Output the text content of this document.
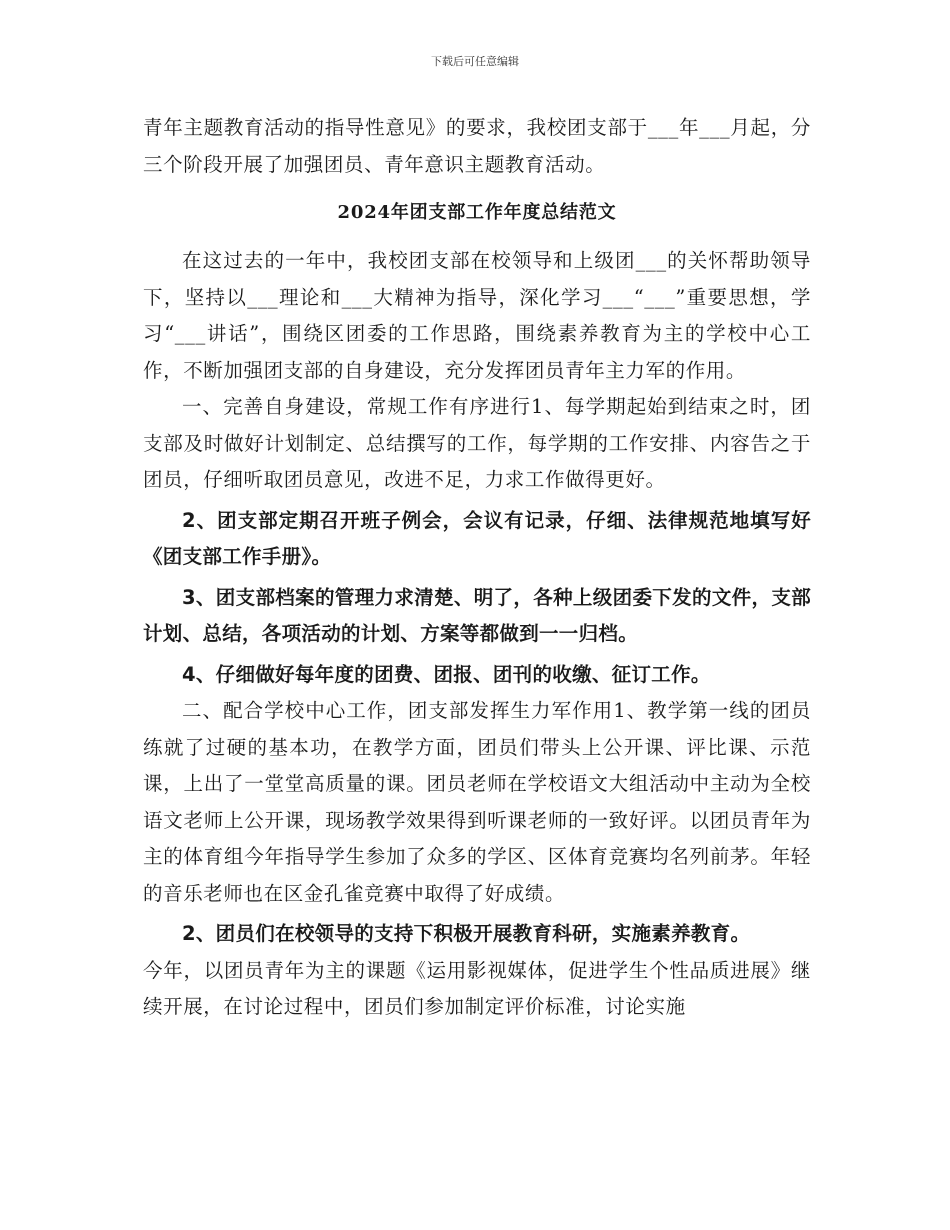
下载后可任意编辑

青年主题教育活动的指导性意见》的要求，我校团支部于___年___月起，分三个阶段开展了加强团员、青年意识主题教育活动。

2024年团支部工作年度总结范文

在这过去的一年中，我校团支部在校领导和上级团___的关怀帮助领导下，坚持以___理论和___大精神为指导，深化学习___“___”重要思想，学习“___讲话”，围绕区团委的工作思路，围绕素养教育为主的学校中心工作，不断加强团支部的自身建设，充分发挥团员青年主力军的作用。

一、完善自身建设，常规工作有序进行1、每学期起始到结束之时，团支部及时做好计划制定、总结撰写的工作，每学期的工作安排、内容告之于团员，仔细听取团员意见，改进不足，力求工作做得更好。

2、团支部定期召开班子例会，会议有记录，仔细、法律规范地填写好《团支部工作手册》。

3、团支部档案的管理力求清楚、明了，各种上级团委下发的文件，支部计划、总结，各项活动的计划、方案等都做到一一归档。

4、仔细做好每年度的团费、团报、团刊的收缴、征订工作。

二、配合学校中心工作，团支部发挥生力军作用1、教学第一线的团员练就了过硬的基本功，在教学方面，团员们带头上公开课、评比课、示范课，上出了一堂堂高质量的课。团员老师在学校语文大组活动中主动为全校语文老师上公开课，现场教学效果得到听课老师的一致好评。以团员青年为主的体育组今年指导学生参加了众多的学区、区体育竞赛均名列前茅。年轻的音乐老师也在区金孔雀竞赛中取得了好成绩。

2、团员们在校领导的支持下积极开展教育科研，实施素养教育。

今年，以团员青年为主的课题《运用影视媒体，促进学生个性品质进展》继续开展，在讨论过程中，团员们参加制定评价标准，讨论实施
